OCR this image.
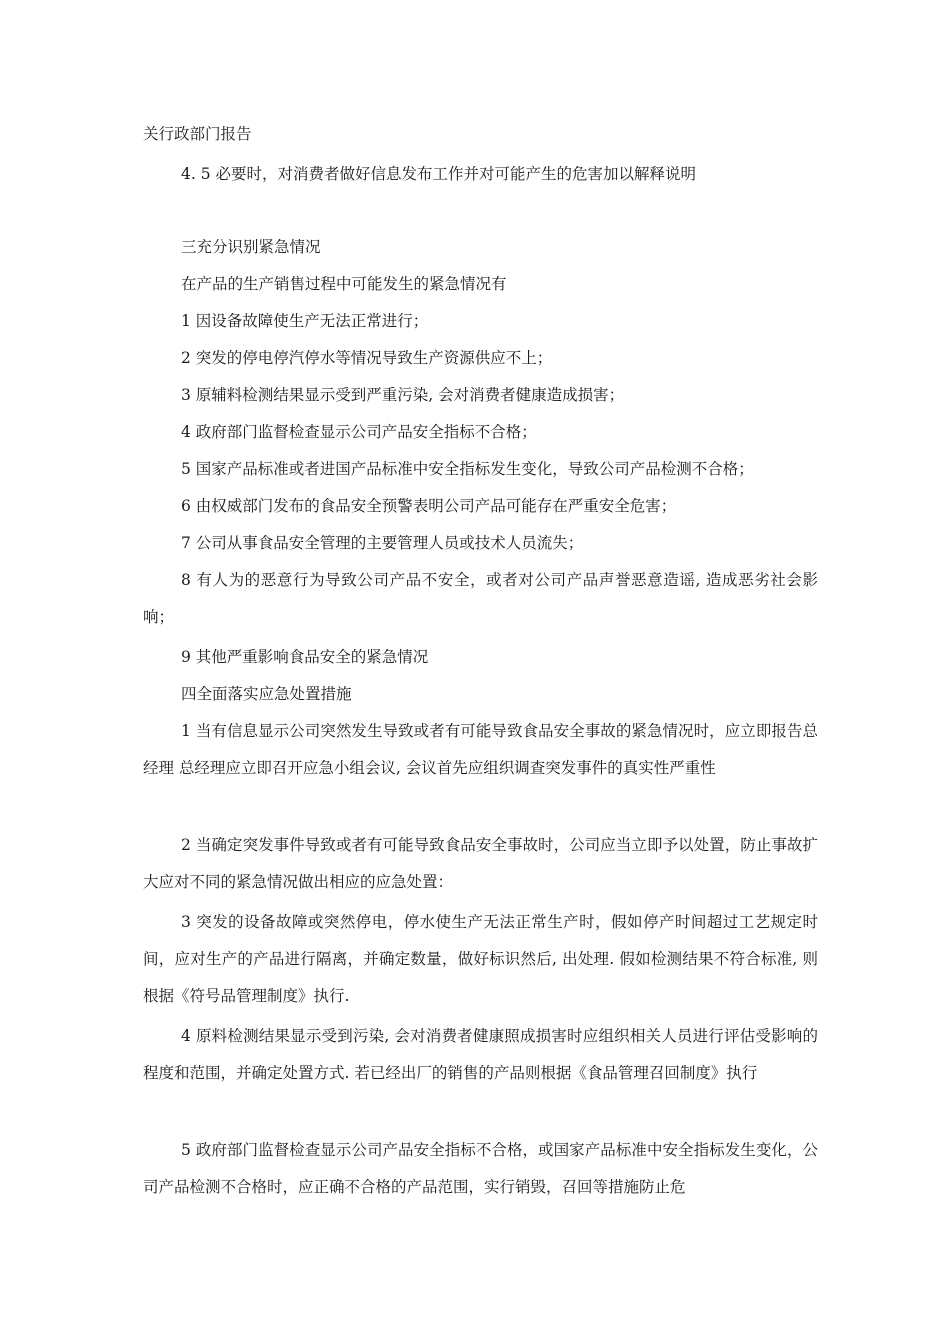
关行政部门报告
4. 5 必要时，对消费者做好信息发布工作并对可能产生的危害加以解释说明
三充分识别紧急情况
在产品的生产销售过程中可能发生的紧急情况有
1 因设备故障使生产无法正常进行；
2 突发的停电停汽停水等情况导致生产资源供应不上；
3 原辅料检测结果显示受到严重污染, 会对消费者健康造成损害；
4 政府部门监督检查显示公司产品安全指标不合格；
5 国家产品标准或者进国产品标准中安全指标发生变化，导致公司产品检测不合格；
6 由权威部门发布的食品安全预警表明公司产品可能存在严重安全危害；
7 公司从事食品安全管理的主要管理人员或技术人员流失；
8 有人为的恶意行为导致公司产品不安全，或者对公司产品声誉恶意造谣, 造成恶劣社会影响；
9 其他严重影响食品安全的紧急情况
四全面落实应急处置措施
1 当有信息显示公司突然发生导致或者有可能导致食品安全事故的紧急情况时，应立即报告总经理 总经理应立即召开应急小组会议, 会议首先应组织调查突发事件的真实性严重性
2 当确定突发事件导致或者有可能导致食品安全事故时，公司应当立即予以处置，防止事故扩大应对不同的紧急情况做出相应的应急处置：
3 突发的设备故障或突然停电，停水使生产无法正常生产时，假如停产时间超过工艺规定时间，应对生产的产品进行隔离，并确定数量，做好标识然后, 出处理. 假如检测结果不符合标准, 则根据《符号品管理制度》执行.
4 原料检测结果显示受到污染, 会对消费者健康照成损害时应组织相关人员进行评估受影响的程度和范围，并确定处置方式. 若已经出厂的销售的产品则根据《食品管理召回制度》执行
5 政府部门监督检查显示公司产品安全指标不合格，或国家产品标准中安全指标发生变化，公司产品检测不合格时，应正确不合格的产品范围，实行销毁，召回等措施防止危
